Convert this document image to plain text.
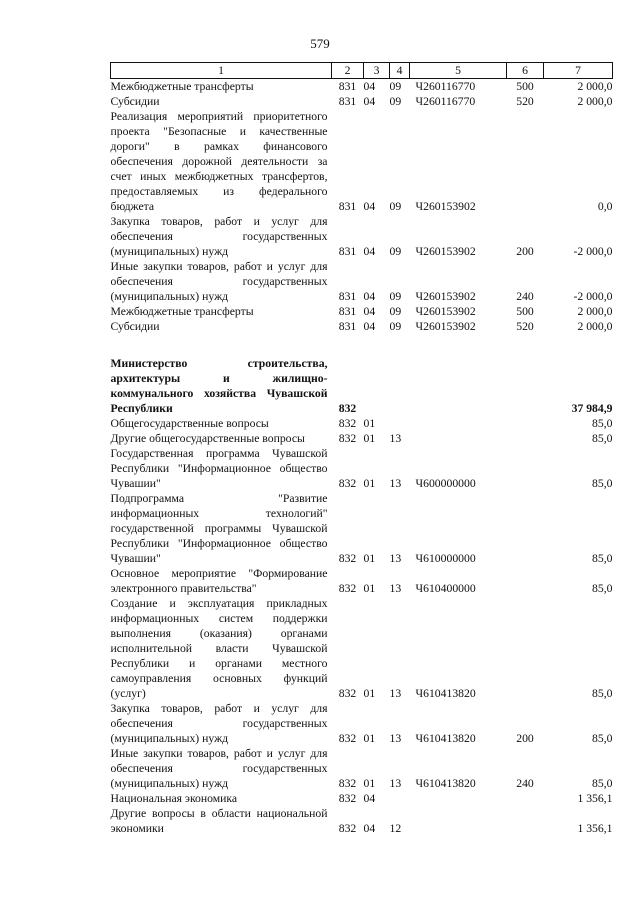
579
1	2	3	4	5	6	7
Межбюджетные трансферты	831	04	09	Ч260116770	500	2 000,0
Субсидии	831	04	09	Ч260116770	520	2 000,0
Реализация мероприятий приоритетного проекта "Безопасные и качественные дороги" в рамках финансового обеспечения дорожной деятельности за счет иных межбюджетных трансфертов, предоставляемых из федерального бюджета	831	04	09	Ч260153902		0,0
Закупка товаров, работ и услуг для обеспечения государственных (муниципальных) нужд	831	04	09	Ч260153902	200	-2 000,0
Иные закупки товаров, работ и услуг для обеспечения государственных (муниципальных) нужд	831	04	09	Ч260153902	240	-2 000,0
Межбюджетные трансферты	831	04	09	Ч260153902	500	2 000,0
Субсидии	831	04	09	Ч260153902	520	2 000,0

Министерство строительства, архитектуры и жилищно-коммунального хозяйства Чувашской Республики	832					37 984,9
Общегосударственные вопросы	832	01				85,0
Другие общегосударственные вопросы	832	01	13			85,0
Государственная программа Чувашской Республики "Информационное общество Чувашии"	832	01	13	Ч600000000		85,0
Подпрограмма "Развитие информационных технологий" государственной программы Чувашской Республики "Информационное общество Чувашии"	832	01	13	Ч610000000		85,0
Основное мероприятие "Формирование электронного правительства"	832	01	13	Ч610400000		85,0
Создание и эксплуатация прикладных информационных систем поддержки выполнения (оказания) органами исполнительной власти Чувашской Республики и органами местного самоуправления основных функций (услуг)	832	01	13	Ч610413820		85,0
Закупка товаров, работ и услуг для обеспечения государственных (муниципальных) нужд	832	01	13	Ч610413820	200	85,0
Иные закупки товаров, работ и услуг для обеспечения государственных (муниципальных) нужд	832	01	13	Ч610413820	240	85,0
Национальная экономика	832	04				1 356,1
Другие вопросы в области национальной экономики	832	04	12			1 356,1
